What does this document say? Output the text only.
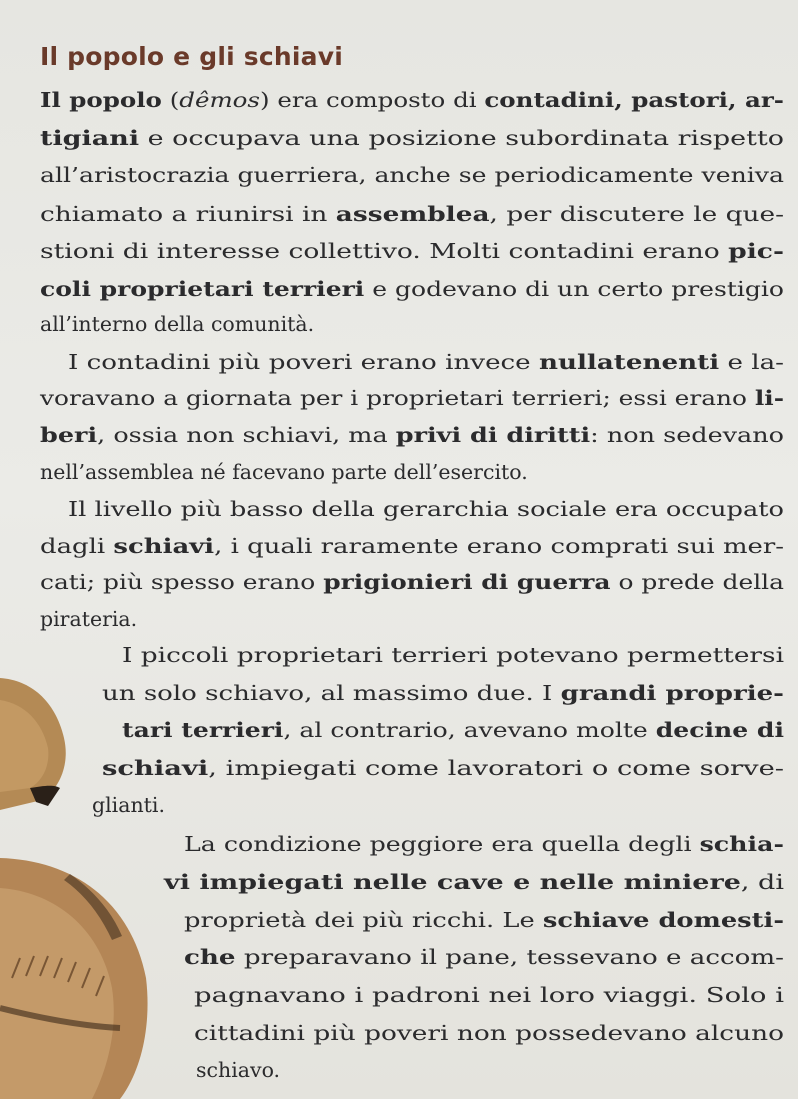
Il popolo e gli schiavi
Il popolo (dêmos) era composto di contadini, pastori, ar-
tigiani e occupava una posizione subordinata rispetto
all’aristocrazia guerriera, anche se periodicamente veniva
chiamato a riunirsi in assemblea, per discutere le que-
stioni di interesse collettivo. Molti contadini erano pic-
coli proprietari terrieri e godevano di un certo prestigio
all’interno della comunità.
I contadini più poveri erano invece nullatenenti e la-
voravano a giornata per i proprietari terrieri; essi erano li-
beri, ossia non schiavi, ma privi di diritti: non sedevano
nell’assemblea né facevano parte dell’esercito.
Il livello più basso della gerarchia sociale era occupato
dagli schiavi, i quali raramente erano comprati sui mer-
cati; più spesso erano prigionieri di guerra o prede della
pirateria.
I piccoli proprietari terrieri potevano permettersi
un solo schiavo, al massimo due. I grandi proprie-
tari terrieri, al contrario, avevano molte decine di
schiavi, impiegati come lavoratori o come sorve-
glianti.
La condizione peggiore era quella degli schia-
vi impiegati nelle cave e nelle miniere, di
proprietà dei più ricchi. Le schiave domesti-
che preparavano il pane, tessevano e accom-
pagnavano i padroni nei loro viaggi. Solo i
cittadini più poveri non possedevano alcuno
schiavo.
